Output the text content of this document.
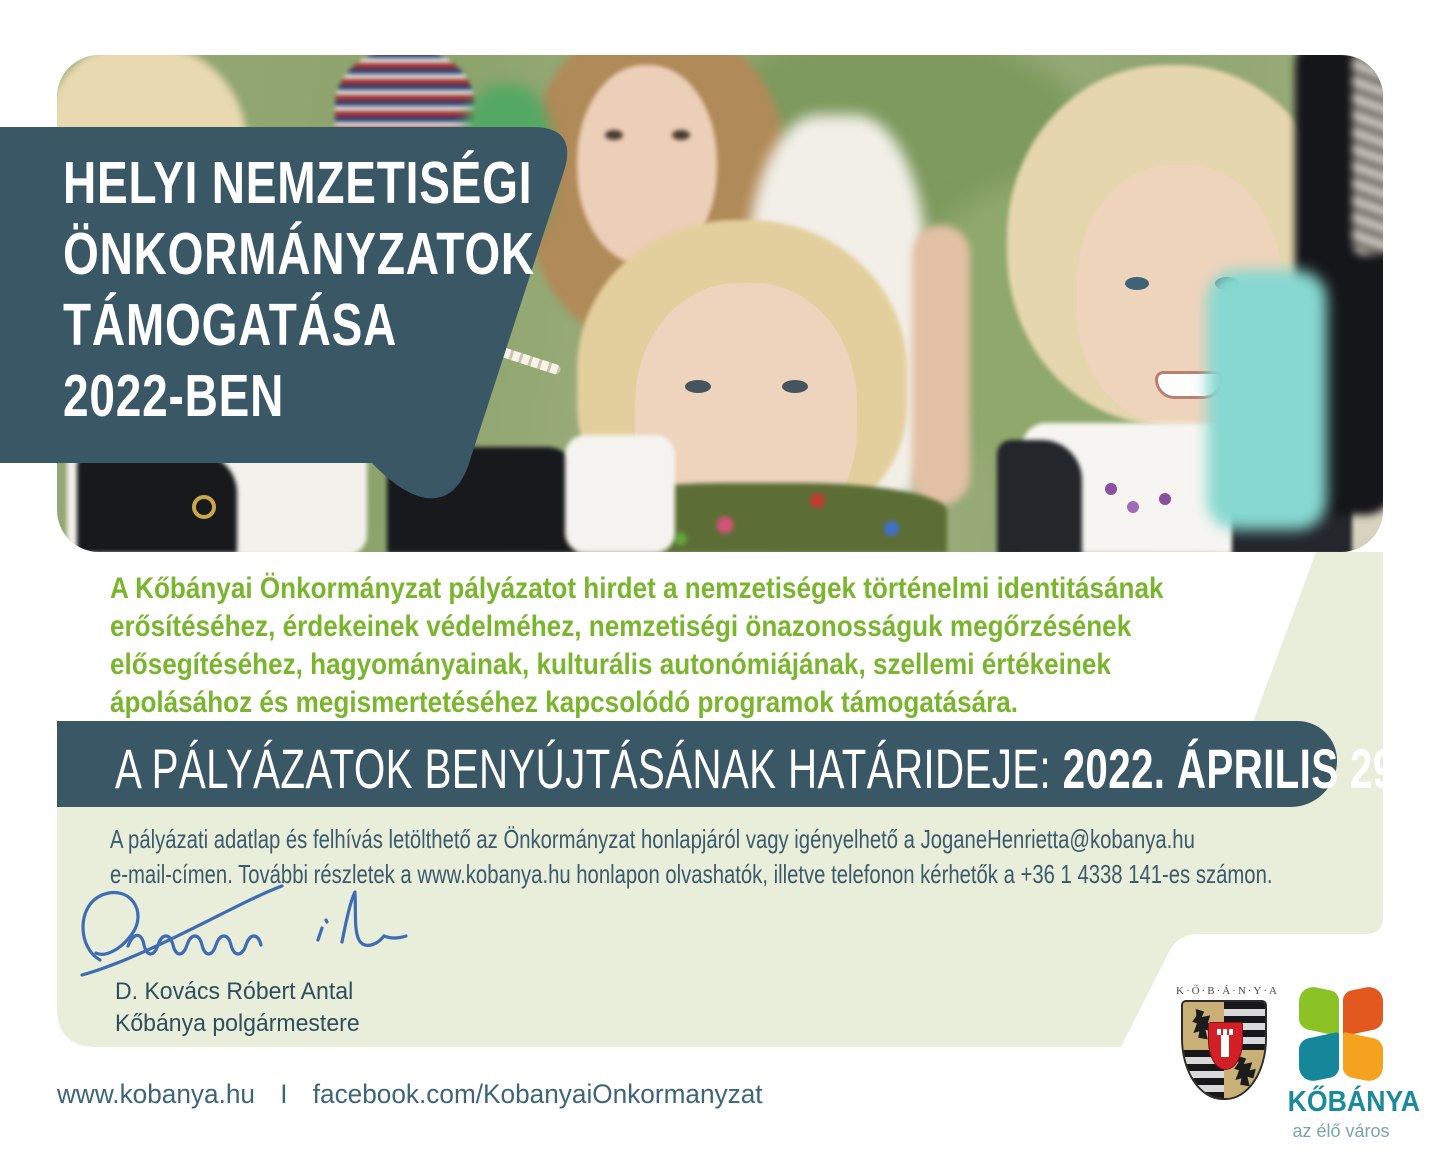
HELYI NEMZETISÉGI
ÖNKORMÁNYZATOK
TÁMOGATÁSA
2022-BEN
A Kőbányai Önkormányzat pályázatot hirdet a nemzetiségek történelmi identitásának
erősítéséhez, érdekeinek védelméhez, nemzetiségi önazonosságuk megőrzésének
elősegítéséhez, hagyományainak, kulturális autonómiájának, szellemi értékeinek
ápolásához és megismertetéséhez kapcsolódó programok támogatására.
A PÁLYÁZATOK BENYÚJTÁSÁNAK HATÁRIDEJE: 2022. ÁPRILIS 29.
A pályázati adatlap és felhívás letölthető az Önkormányzat honlapjáról vagy igényelhető a JoganeHenrietta@kobanya.hu
e-mail-címen. További részletek a www.kobanya.hu honlapon olvashatók, illetve telefonon kérhetők a +36 1 4338 141-es számon.
D. Kovács Róbert Antal
Kőbánya polgármestere
www.kobanya.hu I facebook.com/KobanyaiOnkormanyzat
K·Ő·B·Á·N·Y·A
KŐBÁNYA
az élő város
